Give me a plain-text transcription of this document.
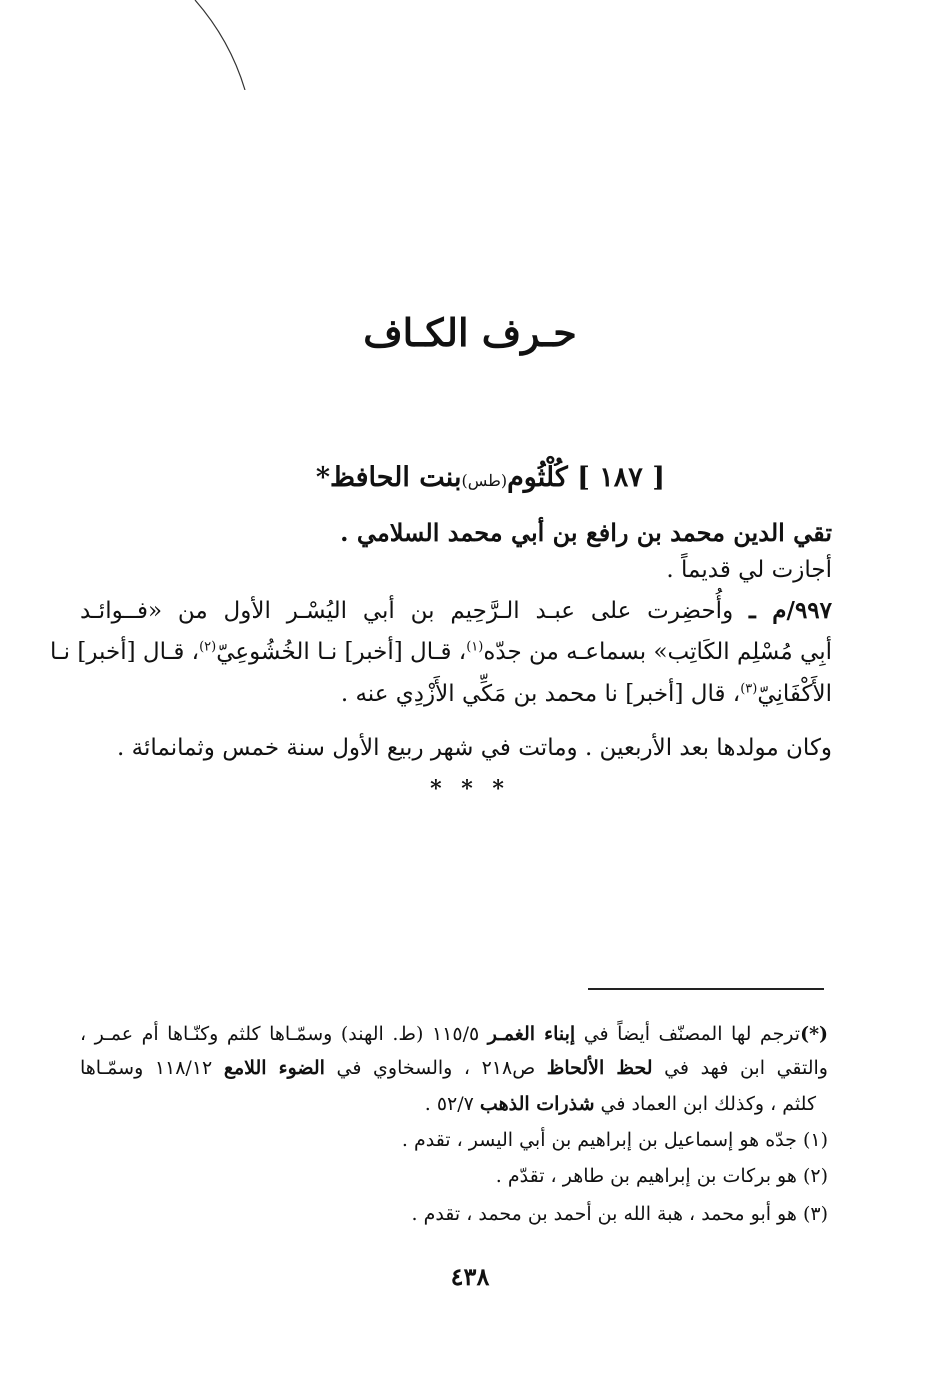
حـرف الكـاف
[ ١٨٧ ] كُلْثُوم(طس)بنت الحافظ*
تقي الدين محمد بن رافع بن أبي محمد السلامي .
أجازت لي قديماً .
٩٩٧/م ـ وأُحضِرت على عبـد الـرَّحِيم بن أبي اليُسْـر الأول من «فــوائـد
أبِي مُسْلِم الكَاتِب» بسماعـه من جدّه$^{(١)}$، قـال [أخبر] نـا الخُشُوعِيّ$^{(٢)}$، قـال [أخبر] نـا
الأَكْفَانِيّ$^{(٣)}$، قال [أخبر] نا محمد بن مَكِّي الأَزْدِي عنه .
وكان مولدها بعد الأربعين . وماتت في شهر ربيع الأول سنة خمس وثمانمائة .
* * *
(*)ترجم لها المصنّف أيضاً في إبناء الغمـر ١١٥/٥ (ط. الهند) وسمّـاها كلثم وكنّـاها أم عمـر ،
والتقي ابن فهد في لحظ الألحاظ ص٢١٨ ، والسخاوي في الضوء اللامع ١١٨/١٢ وسمّـاها
كلثم ، وكذلك ابن العماد في شذرات الذهب ٥٢/٧ .
(١) جدّه هو إسماعيل بن إبراهيم بن أبي اليسر ، تقدم .
(٢) هو بركات بن إبراهيم بن طاهر ، تقدّم .
(٣) هو أبو محمد ، هبة الله بن أحمد بن محمد ، تقدم .
٤٣٨
